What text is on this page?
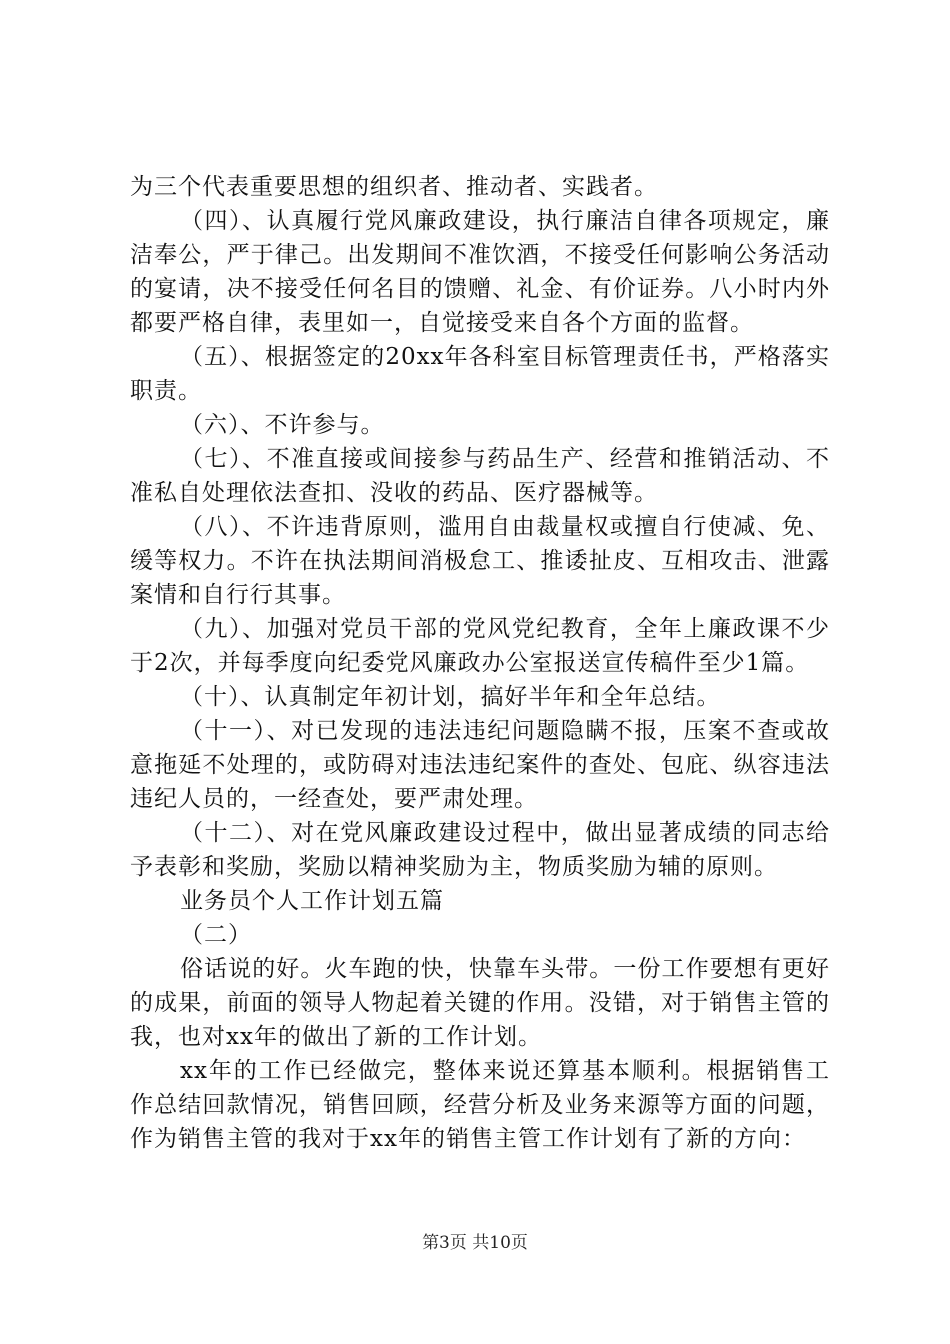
为三个代表重要思想的组织者、推动者、实践者。

（四）、认真履行党风廉政建设，执行廉洁自律各项规定，廉洁奉公，严于律己。出发期间不准饮酒，不接受任何影响公务活动的宴请，决不接受任何名目的馈赠、礼金、有价证券。八小时内外都要严格自律，表里如一，自觉接受来自各个方面的监督。

（五）、根据签定的20xx年各科室目标管理责任书，严格落实职责。

（六）、不许参与。

（七）、不准直接或间接参与药品生产、经营和推销活动、不准私自处理依法查扣、没收的药品、医疗器械等。

（八）、不许违背原则，滥用自由裁量权或擅自行使减、免、缓等权力。不许在执法期间消极怠工、推诿扯皮、互相攻击、泄露案情和自行行其事。

（九）、加强对党员干部的党风党纪教育，全年上廉政课不少于2次，并每季度向纪委党风廉政办公室报送宣传稿件至少1篇。

（十）、认真制定年初计划，搞好半年和全年总结。

（十一）、对已发现的违法违纪问题隐瞒不报，压案不查或故意拖延不处理的，或防碍对违法违纪案件的查处、包庇、纵容违法违纪人员的，一经查处，要严肃处理。

（十二）、对在党风廉政建设过程中，做出显著成绩的同志给予表彰和奖励，奖励以精神奖励为主，物质奖励为辅的原则。

业务员个人工作计划五篇

（二）

俗话说的好。火车跑的快，快靠车头带。一份工作要想有更好的成果，前面的领导人物起着关键的作用。没错，对于销售主管的我，也对xx年的做出了新的工作计划。

xx年的工作已经做完，整体来说还算基本顺利。根据销售工作总结回款情况，销售回顾，经营分析及业务来源等方面的问题，作为销售主管的我对于xx年的销售主管工作计划有了新的方向：

第3页 共10页
